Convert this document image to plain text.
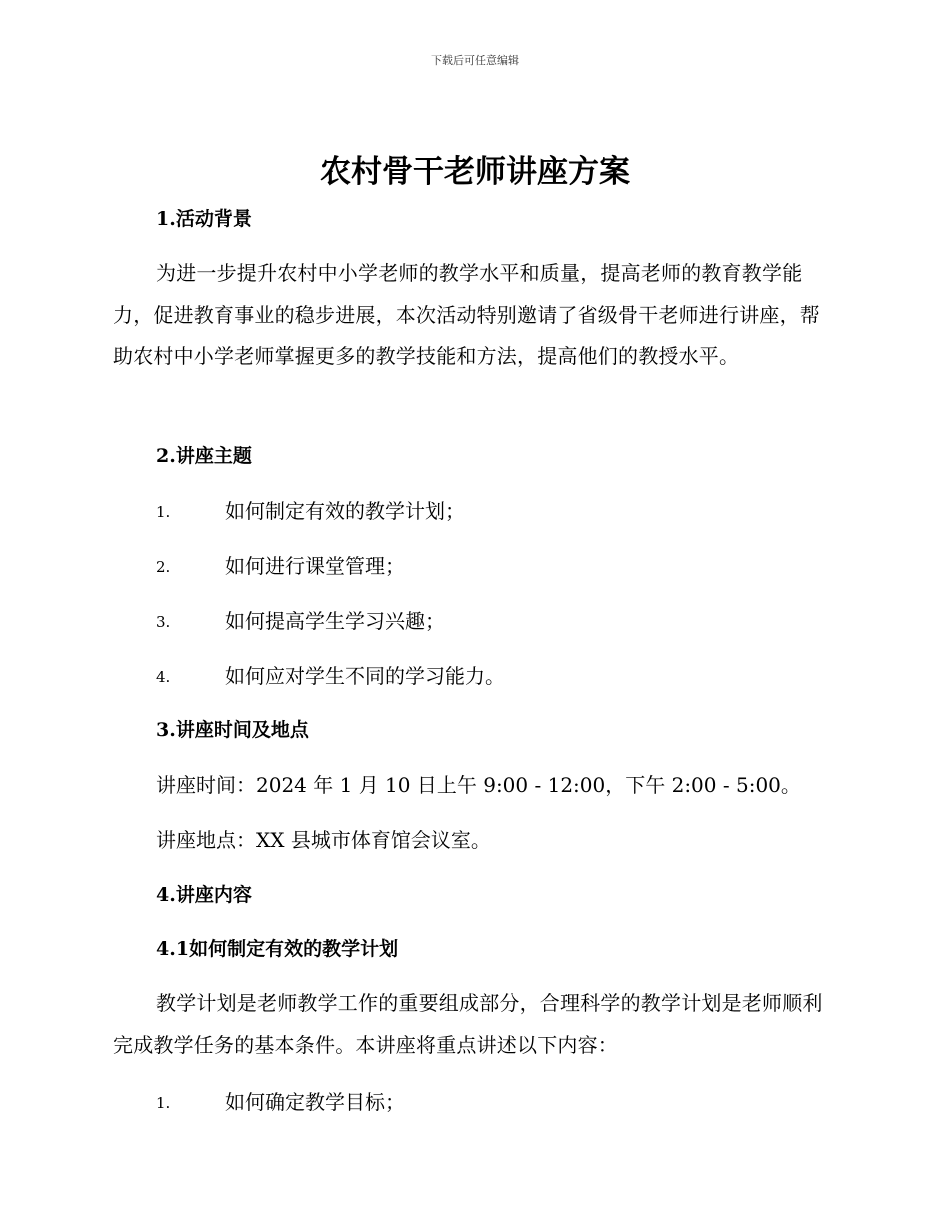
下载后可任意编辑
农村骨干老师讲座方案
1.活动背景

为进一步提升农村中小学老师的教学水平和质量，提高老师的教育教学能力，促进教育事业的稳步进展，本次活动特别邀请了省级骨干老师进行讲座，帮助农村中小学老师掌握更多的教学技能和方法，提高他们的教授水平。

2.讲座主题
1.	如何制定有效的教学计划；
2.	如何进行课堂管理；
3.	如何提高学生学习兴趣；
4.	如何应对学生不同的学习能力。
3.讲座时间及地点

讲座时间：2024 年 1 月 10 日上午 9:00 - 12:00，下午 2:00 - 5:00。

讲座地点：XX 县城市体育馆会议室。

4.讲座内容
4.1如何制定有效的教学计划

教学计划是老师教学工作的重要组成部分，合理科学的教学计划是老师顺利完成教学任务的基本条件。本讲座将重点讲述以下内容：

1.	如何确定教学目标；
